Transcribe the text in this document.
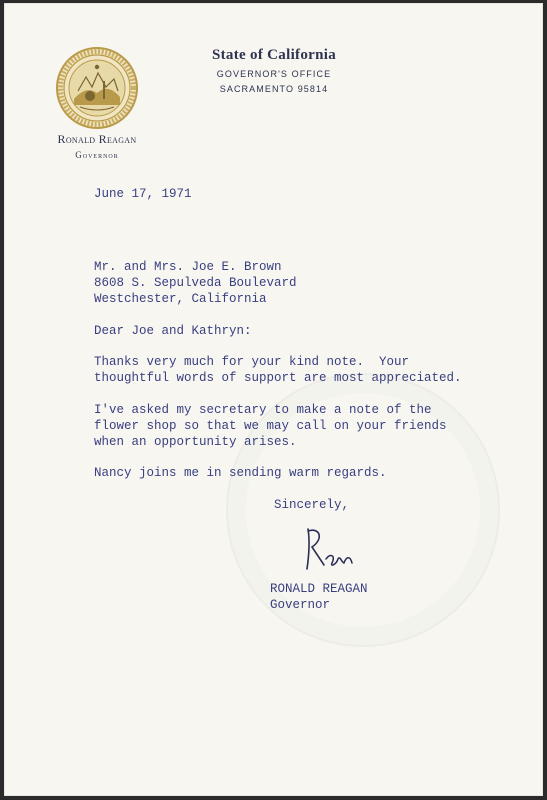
Ronald Reagan
Governor
State of California
GOVERNOR'S OFFICE
SACRAMENTO 95814
June 17, 1971
Mr. and Mrs. Joe E. Brown
8608 S. Sepulveda Boulevard
Westchester, California
Dear Joe and Kathryn:
Thanks very much for your kind note.  Your
thoughtful words of support are most appreciated.
I've asked my secretary to make a note of the
flower shop so that we may call on your friends
when an opportunity arises.
Nancy joins me in sending warm regards.
Sincerely,
RONALD REAGAN
Governor
